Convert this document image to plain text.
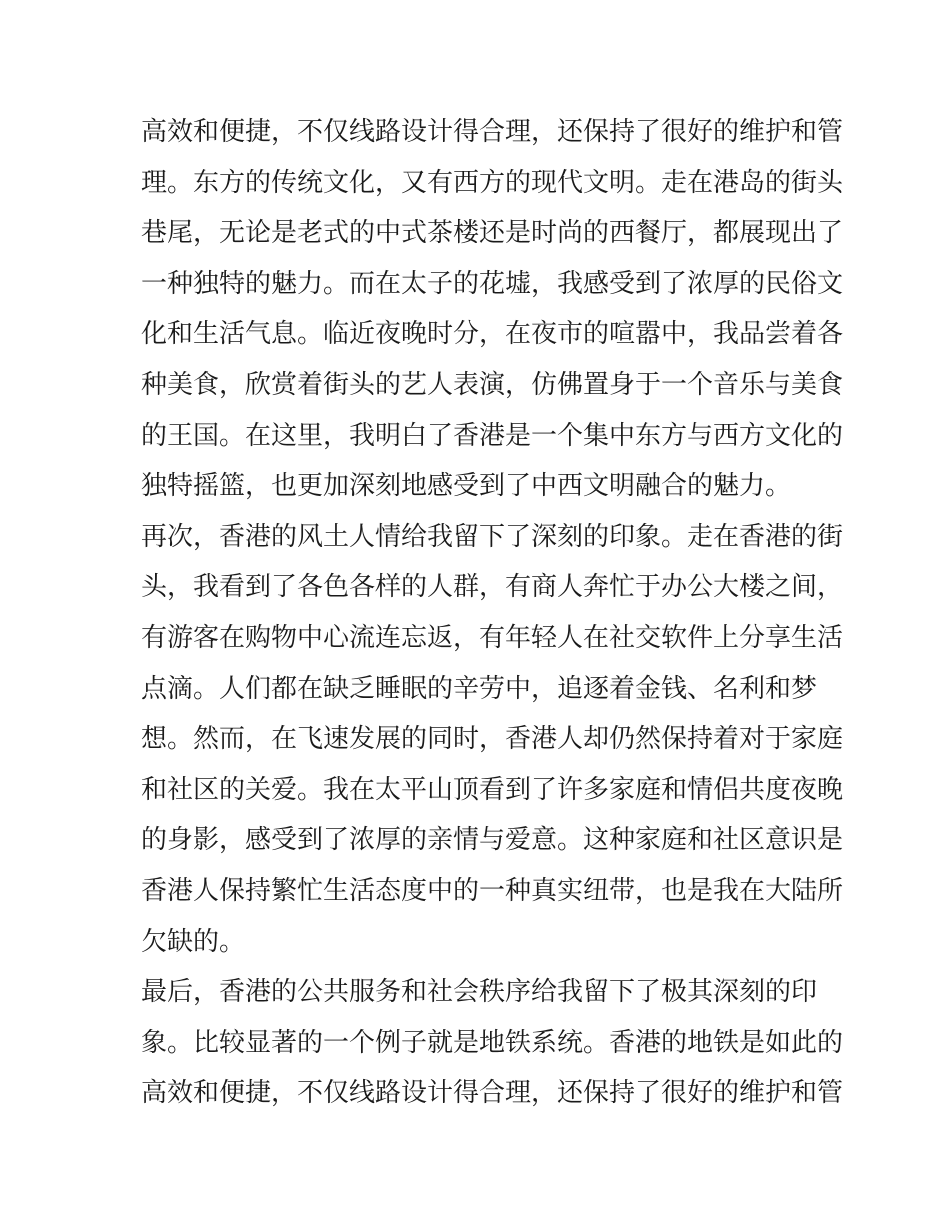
高效和便捷，不仅线路设计得合理，还保持了很好的维护和管
理。东方的传统文化，又有西方的现代文明。走在港岛的街头
巷尾，无论是老式的中式茶楼还是时尚的西餐厅，都展现出了
一种独特的魅力。而在太子的花墟，我感受到了浓厚的民俗文
化和生活气息。临近夜晚时分，在夜市的喧嚣中，我品尝着各
种美食，欣赏着街头的艺人表演，仿佛置身于一个音乐与美食
的王国。在这里，我明白了香港是一个集中东方与西方文化的
独特摇篮，也更加深刻地感受到了中西文明融合的魅力。
再次，香港的风土人情给我留下了深刻的印象。走在香港的街
头，我看到了各色各样的人群，有商人奔忙于办公大楼之间，
有游客在购物中心流连忘返，有年轻人在社交软件上分享生活
点滴。人们都在缺乏睡眠的辛劳中，追逐着金钱、名利和梦
想。然而，在飞速发展的同时，香港人却仍然保持着对于家庭
和社区的关爱。我在太平山顶看到了许多家庭和情侣共度夜晚
的身影，感受到了浓厚的亲情与爱意。这种家庭和社区意识是
香港人保持繁忙生活态度中的一种真实纽带，也是我在大陆所
欠缺的。
最后，香港的公共服务和社会秩序给我留下了极其深刻的印
象。比较显著的一个例子就是地铁系统。香港的地铁是如此的
高效和便捷，不仅线路设计得合理，还保持了很好的维护和管
